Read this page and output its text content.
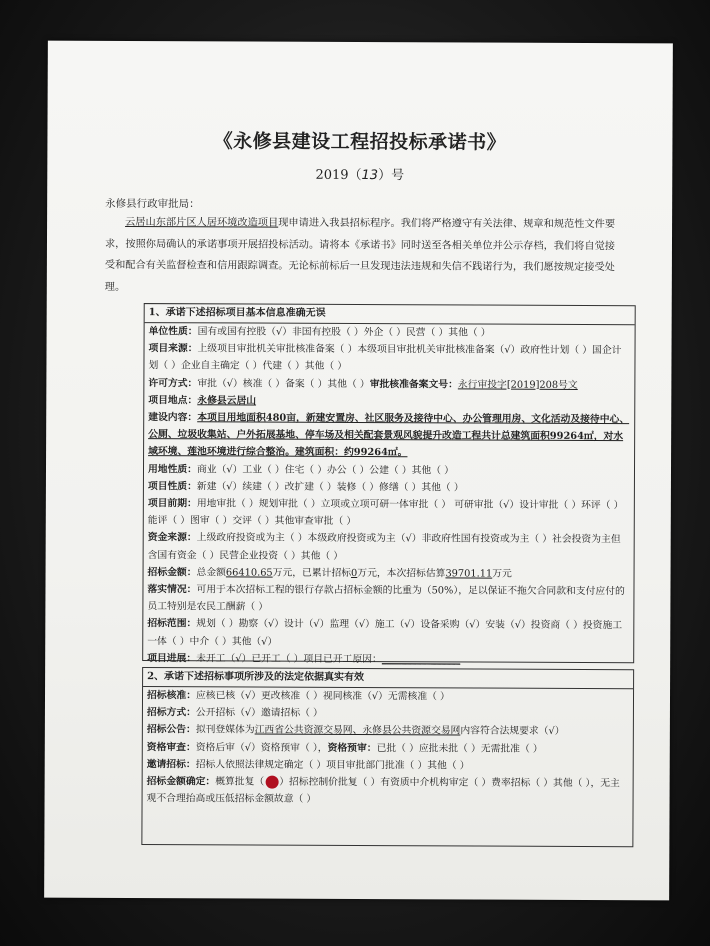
《永修县建设工程招投标承诺书》
2019（13）号
永修县行政审批局：

云居山东部片区人居环境改造项目现申请进入我县招标程序。我们将严格遵守有关法律、规章和规范性文件要求，按照你局确认的承诺事项开展招投标活动。请将本《承诺书》同时送至各相关单位并公示存档，我们将自觉接受和配合有关监督检查和信用跟踪调查。无论标前标后一旦发现违法违规和失信不践诺行为，我们愿按规定接受处理。

1、承诺下述招标项目基本信息准确无误
单位性质：国有或国有控股（√）非国有控股（ ）外企（ ）民营（ ）其他（ ）
项目来源：上级项目审批机关审批核准备案（ ）本级项目审批机关审批核准备案（√）政府性计划（ ）国企计划（ ）企业自主确定（ ）代建（ ）其他（ ）
许可方式：审批（√）核准（ ）备案（ ）其他（ ）审批核准备案文号：永行审投字[2019]208号文
项目地点：永修县云居山
建设内容：本项目用地面积480亩，新建安置房、社区服务及接待中心、办公管理用房、文化活动及接待中心、公厕、垃圾收集站、户外拓展基地、停车场及相关配套景观风貌提升改造工程共计总建筑面积99264㎡，对水域环境、莲池环境进行综合整治。建筑面积：约99264㎡。
用地性质：商业（√）工业（ ）住宅（ ）办公（ ）公建（ ）其他（ ）
项目性质：新建（√）续建（ ）改扩建（ ）装修（ ）修缮（ ）其他（ ）
项目前期：用地审批（ ）规划审批（ ）立项或立项可研一体审批（ ） 可研审批（√）设计审批（ ）环评（ ）能评（ ）图审（ ）交评（ ）其他审查审批（ ）
资金来源：上级政府投资或为主（ ）本级政府投资或为主（√）非政府性国有投资或为主（ ）社会投资为主但含国有资金（ ）民营企业投资（ ）其他（ ）
招标金额：总金额66410.65万元，已累计招标0万元，本次招标估算39701.11万元
落实情况：可用于本次招标工程的银行存款占招标金额的比重为（50%），足以保证不拖欠合同款和支付应付的员工特别是农民工酬薪（ ）
招标范围：规划（ ）勘察（√）设计（√）监理（√）施工（√）设备采购（√）安装（√）投资商（ ）投资施工一体（ ）中介（ ）其他（√）
项目进展：未开工（√）已开工（ ）项目已开工原因：________________
2、承诺下述招标事项所涉及的法定依据真实有效
招标核准：应核已核（√）更改核准（ ）视同核准（√）无需核准（ ）
招标方式：公开招标（√）邀请招标（ ）
招标公告：拟刊登媒体为江西省公共资源交易网、永修县公共资源交易网内容符合法规要求（√）
资格审查：资格后审（√）资格预审（ ），资格预审：已批（ ）应批未批（ ）无需批准（ ）
邀请招标：招标人依照法律规定确定（ ）项目审批部门批准（ ）其他（ ）
招标金额确定：概算批复（ ）招标控制价批复（ ）有资质中介机构审定（ ）费率招标（ ）其他（ ），无主观不合理抬高或压低招标金额故意（ ）
